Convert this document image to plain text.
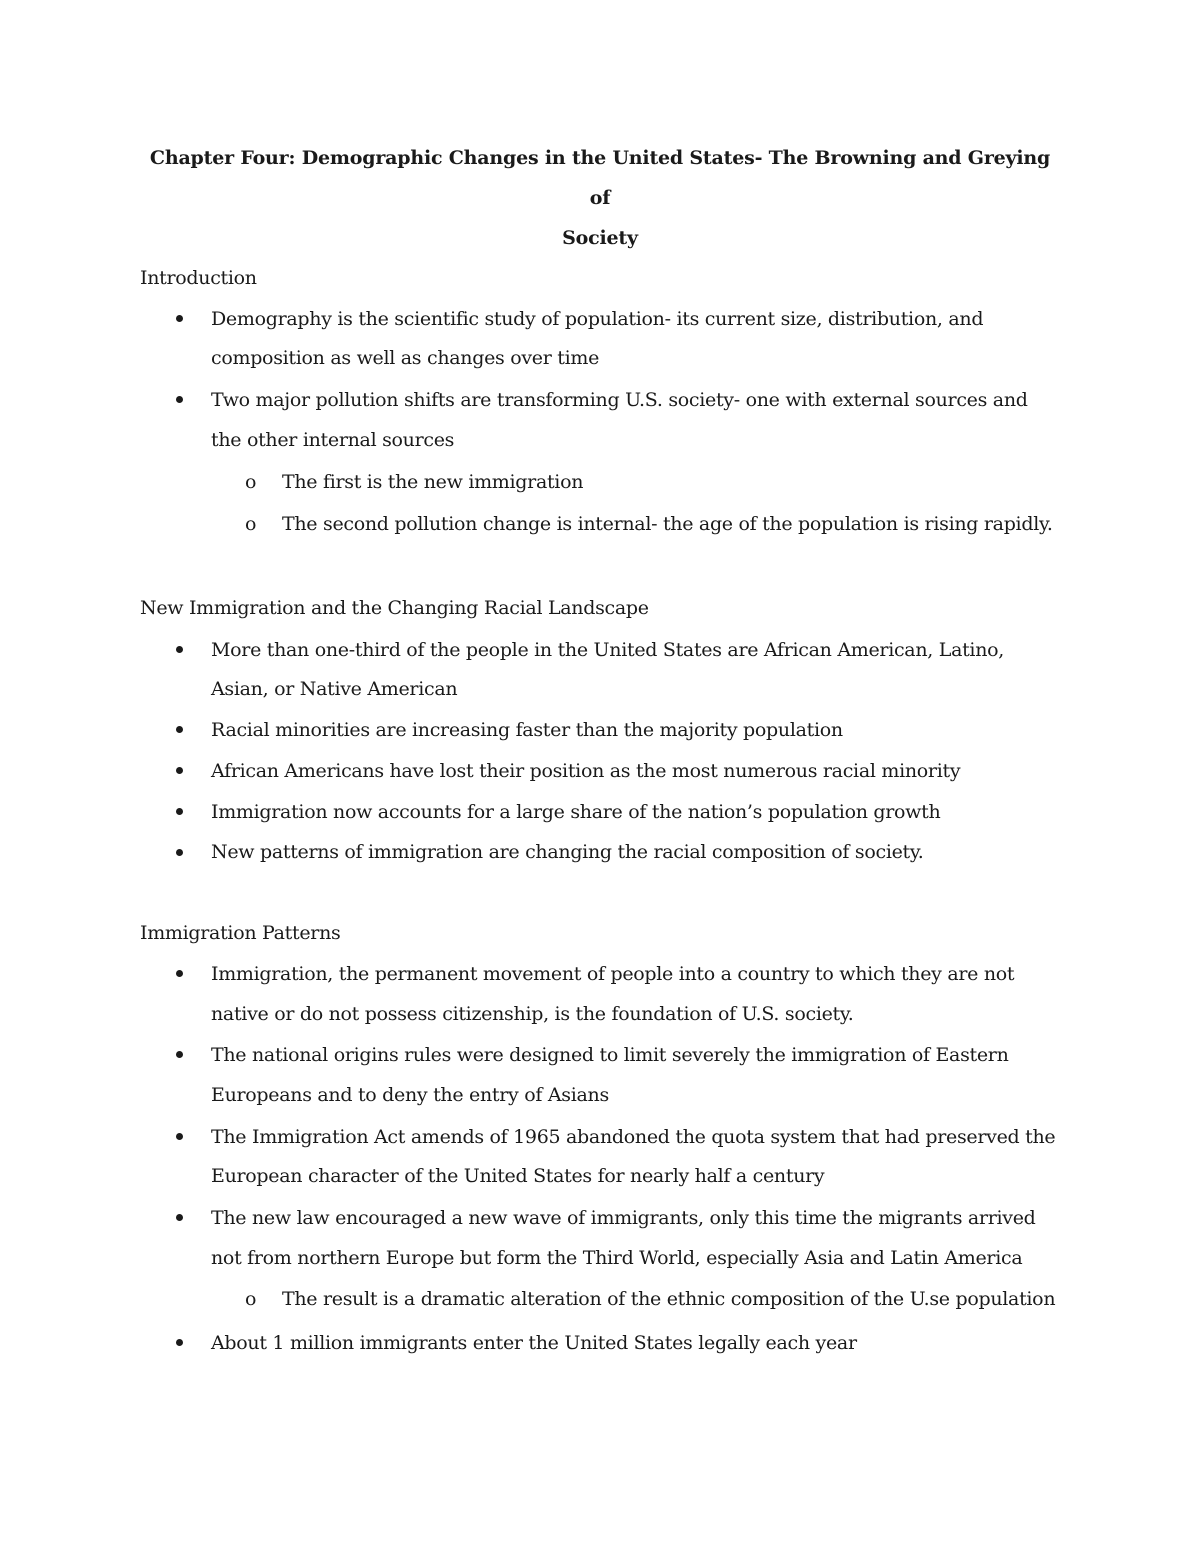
Chapter Four: Demographic Changes in the United States- The Browning and Greying of
Society
Introduction
Demography is the scientific study of population- its current size, distribution, and
composition as well as changes over time
Two major pollution shifts are transforming U.S. society- one with external sources and
the other internal sources
o The first is the new immigration
o The second pollution change is internal- the age of the population is rising rapidly.
New Immigration and the Changing Racial Landscape
More than one-third of the people in the United States are African American, Latino,
Asian, or Native American
Racial minorities are increasing faster than the majority population
African Americans have lost their position as the most numerous racial minority
Immigration now accounts for a large share of the nation’s population growth
New patterns of immigration are changing the racial composition of society.
Immigration Patterns
Immigration, the permanent movement of people into a country to which they are not
native or do not possess citizenship, is the foundation of U.S. society.
The national origins rules were designed to limit severely the immigration of Eastern
Europeans and to deny the entry of Asians
The Immigration Act amends of 1965 abandoned the quota system that had preserved the
European character of the United States for nearly half a century
The new law encouraged a new wave of immigrants, only this time the migrants arrived
not from northern Europe but form the Third World, especially Asia and Latin America
o The result is a dramatic alteration of the ethnic composition of the U.se population
About 1 million immigrants enter the United States legally each year
